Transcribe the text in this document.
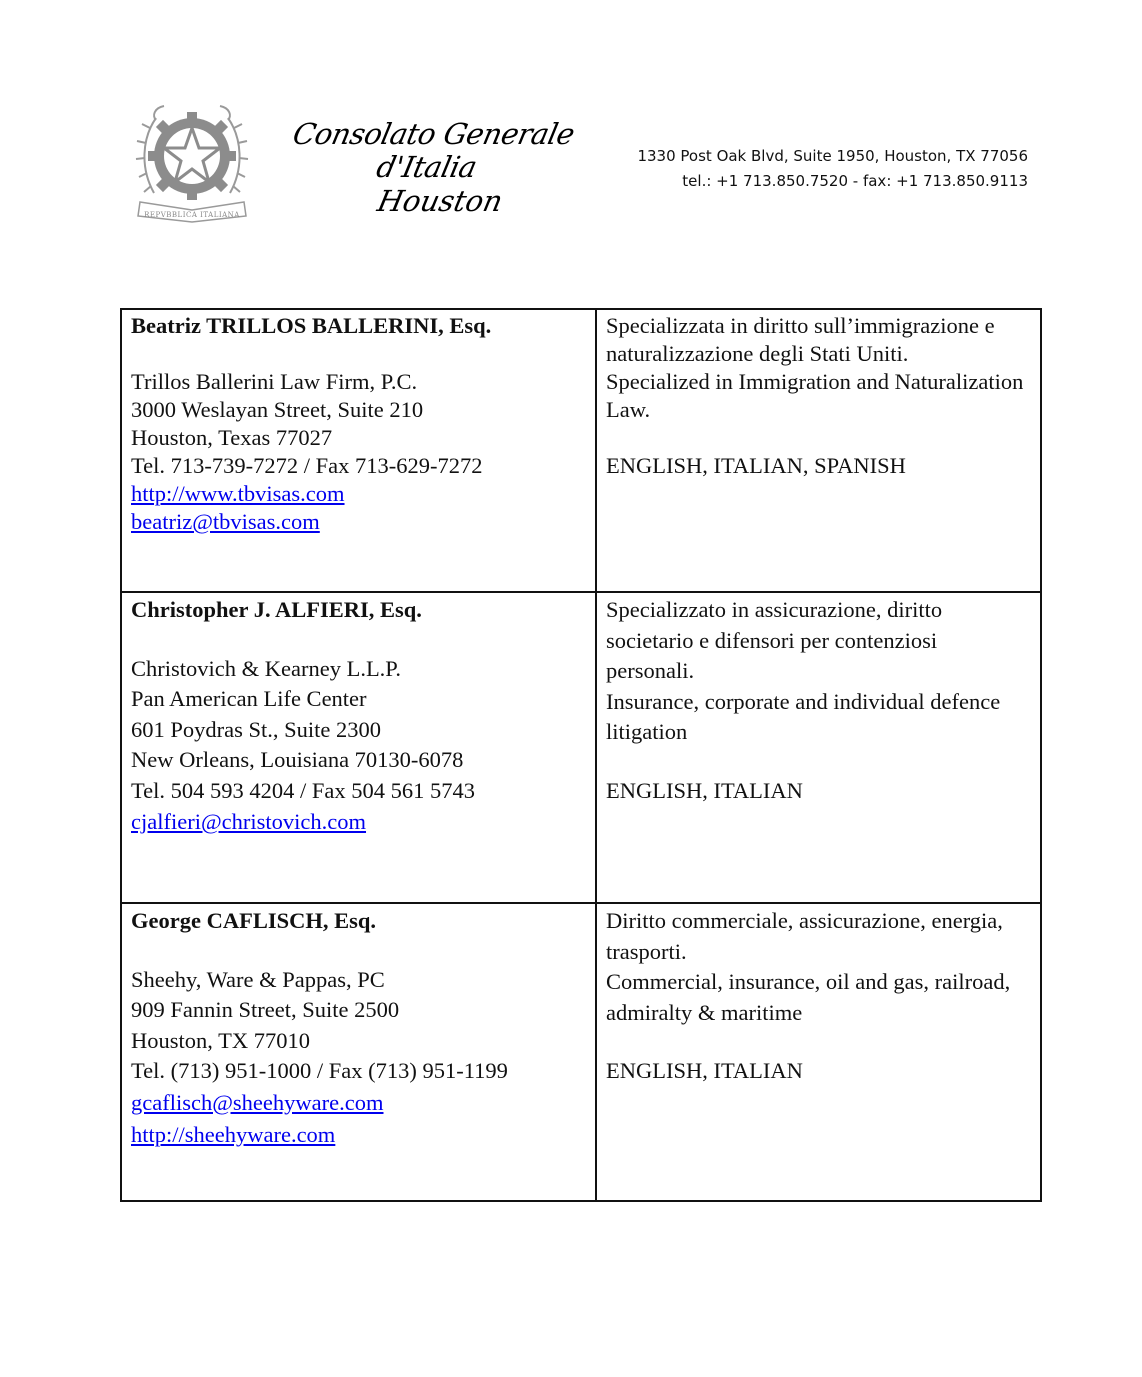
REPVBBLICA ITALIANA
Consolato Generale d'Italia
Houston
1330 Post Oak Blvd, Suite 1950, Houston, TX 77056
tel.: +1 713.850.7520 - fax: +1 713.850.9113
Beatriz TRILLOS BALLERINI, Esq.
Trillos Ballerini Law Firm, P.C.
3000 Weslayan Street, Suite 210
Houston, Texas 77027
Tel. 713-739-7272 / Fax 713-629-7272
http://www.tbvisas.com
beatriz@tbvisas.com

Specializzata in diritto sull’immigrazione e
naturalizzazione degli Stati Uniti.
Specialized in Immigration and Naturalization
Law.
ENGLISH, ITALIAN, SPANISH

Christopher J. ALFIERI, Esq.
Christovich & Kearney L.L.P.
Pan American Life Center
601 Poydras St., Suite 2300
New Orleans, Louisiana 70130-6078
Tel. 504 593 4204 / Fax 504 561 5743
cjalfieri@christovich.com

Specializzato in assicurazione, diritto
societario e difensori per contenziosi personali.
Insurance, corporate and individual defence
litigation
ENGLISH, ITALIAN

George CAFLISCH, Esq.
Sheehy, Ware & Pappas, PC
909 Fannin Street, Suite 2500
Houston, TX 77010
Tel. (713) 951-1000 / Fax (713) 951-1199
gcaflisch@sheehyware.com
http://sheehyware.com

Diritto commerciale, assicurazione, energia,
trasporti.
Commercial, insurance, oil and gas, railroad,
admiralty & maritime
ENGLISH, ITALIAN
